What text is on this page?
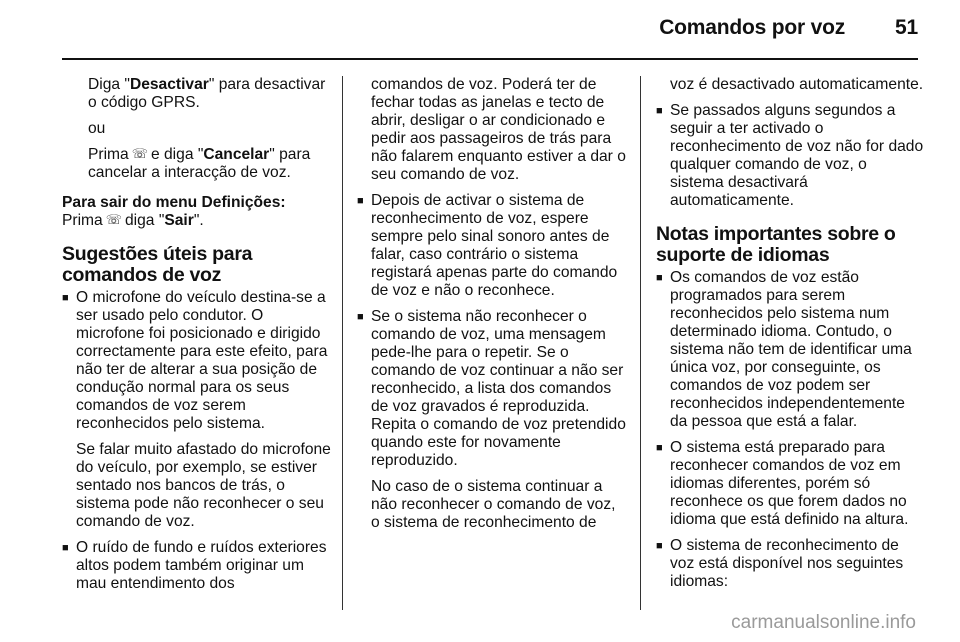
Comandos por voz 51

Diga "Desactivar" para desactivar o código GPRS.

ou

Prima ☏ e diga "Cancelar" para cancelar a interacção de voz.

Para sair do menu Definições:

Prima ☏ diga "Sair".

Sugestões úteis para comandos de voz
■ O microfone do veículo destina-se a ser usado pelo condutor. O microfone foi posicionado e dirigido correctamente para este efeito, para não ter de alterar a sua posição de condução normal para os seus comandos de voz serem reconhecidos pelo sistema.
Se falar muito afastado do microfone do veículo, por exemplo, se estiver sentado nos bancos de trás, o sistema pode não reconhecer o seu comando de voz.
■ O ruído de fundo e ruídos exteriores altos podem também originar um mau entendimento dos
comandos de voz. Poderá ter de fechar todas as janelas e tecto de abrir, desligar o ar condicionado e pedir aos passageiros de trás para não falarem enquanto estiver a dar o seu comando de voz.
■ Depois de activar o sistema de reconhecimento de voz, espere sempre pelo sinal sonoro antes de falar, caso contrário o sistema registará apenas parte do comando de voz e não o reconhece.
■ Se o sistema não reconhecer o comando de voz, uma mensagem pede-lhe para o repetir. Se o comando de voz continuar a não ser reconhecido, a lista dos comandos de voz gravados é reproduzida. Repita o comando de voz pretendido quando este for novamente reproduzido.
No caso de o sistema continuar a não reconhecer o comando de voz, o sistema de reconhecimento de
voz é desactivado automaticamente.
■ Se passados alguns segundos a seguir a ter activado o reconhecimento de voz não for dado qualquer comando de voz, o sistema desactivará automaticamente.
Notas importantes sobre o suporte de idiomas
■ Os comandos de voz estão programados para serem reconhecidos pelo sistema num determinado idioma. Contudo, o sistema não tem de identificar uma única voz, por conseguinte, os comandos de voz podem ser reconhecidos independentemente da pessoa que está a falar.
■ O sistema está preparado para reconhecer comandos de voz em idiomas diferentes, porém só reconhece os que forem dados no idioma que está definido na altura.
■ O sistema de reconhecimento de voz está disponível nos seguintes idiomas:
carmanualsonline.info
